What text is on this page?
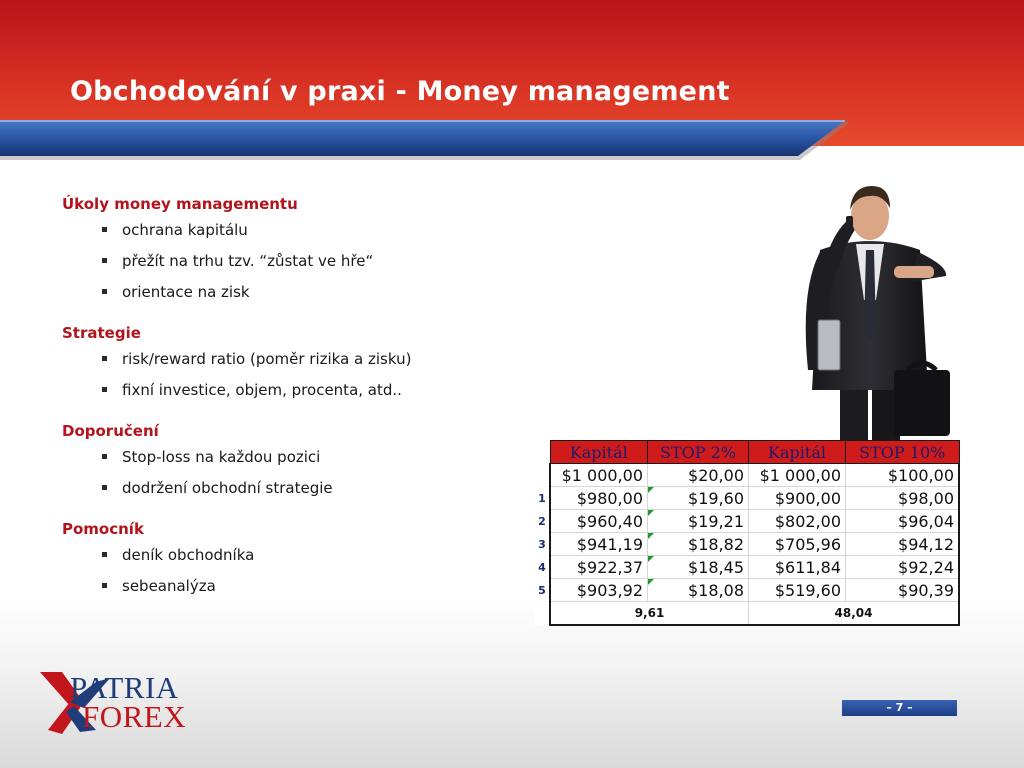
Obchodování v praxi - Money management
Úkoly money managementu
ochrana kapitálu
přežít na trhu tzv. “zůstat ve hře“
orientace na zisk
Strategie
risk/reward ratio (poměr rizika a zisku)
fixní investice, objem, procenta, atd..
Doporučení
Stop-loss na každou pozici
dodržení obchodní strategie
Pomocník
deník obchodníka
sebeanalýza
	Kapitál	STOP 2%	Kapitál	STOP 10%
	$1 000,00	$20,00	$1 000,00	$100,00
1	$980,00	$19,60	$900,00	$98,00
2	$960,40	$19,21	$802,00	$96,04
3	$941,19	$18,82	$705,96	$94,12
4	$922,37	$18,45	$611,84	$92,24
5	$903,92	$18,08	$519,60	$90,39
	9,61		48,04	
PATRIA
FOREX	– 7 –
